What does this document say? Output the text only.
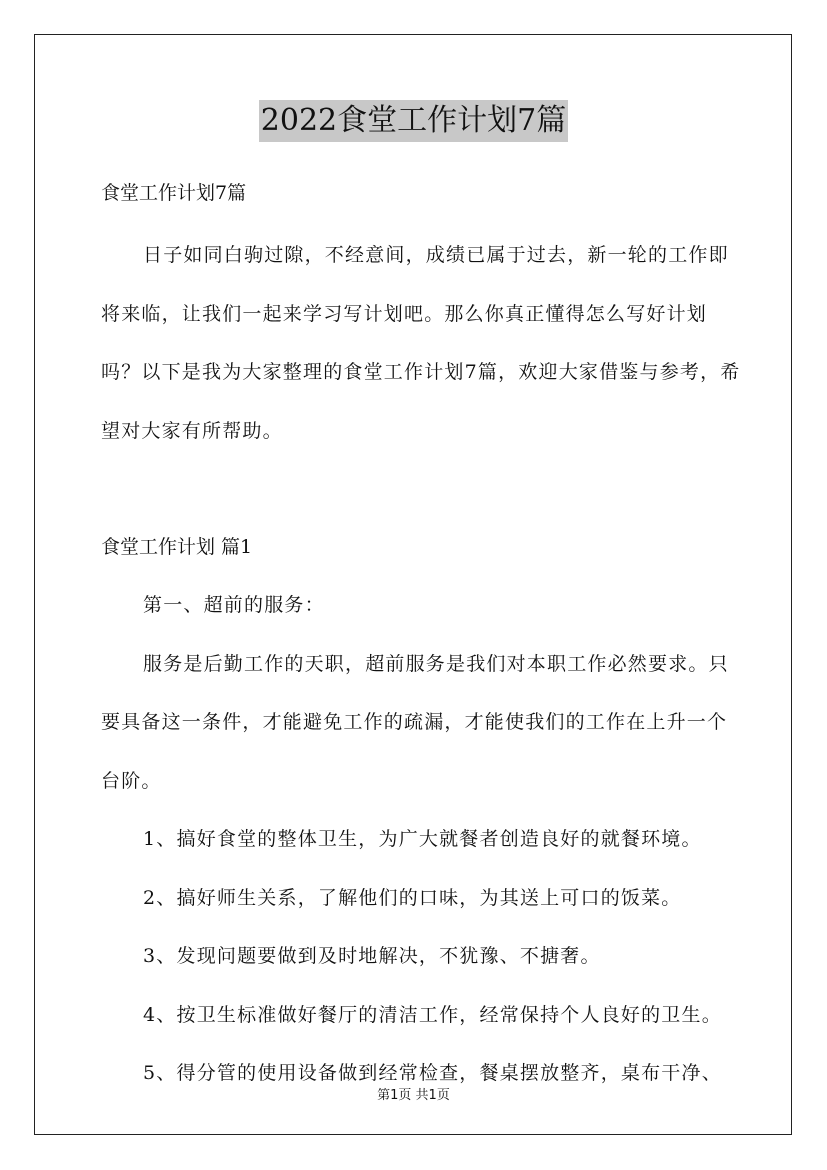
2022食堂工作计划7篇

食堂工作计划7篇

日子如同白驹过隙，不经意间，成绩已属于过去，新一轮的工作即将来临，让我们一起来学习写计划吧。那么你真正懂得怎么写好计划吗？以下是我为大家整理的食堂工作计划7篇，欢迎大家借鉴与参考，希望对大家有所帮助。

食堂工作计划 篇1

第一、超前的服务：

服务是后勤工作的天职，超前服务是我们对本职工作必然要求。只要具备这一条件，才能避免工作的疏漏，才能使我们的工作在上升一个台阶。

1、搞好食堂的整体卫生，为广大就餐者创造良好的就餐环境。

2、搞好师生关系，了解他们的口味，为其送上可口的饭菜。

3、发现问题要做到及时地解决，不犹豫、不搪奢。

4、按卫生标准做好餐厅的清洁工作，经常保持个人良好的卫生。

5、得分管的使用设备做到经常检查，餐桌摆放整齐，桌布干净、

第1页 共1页
